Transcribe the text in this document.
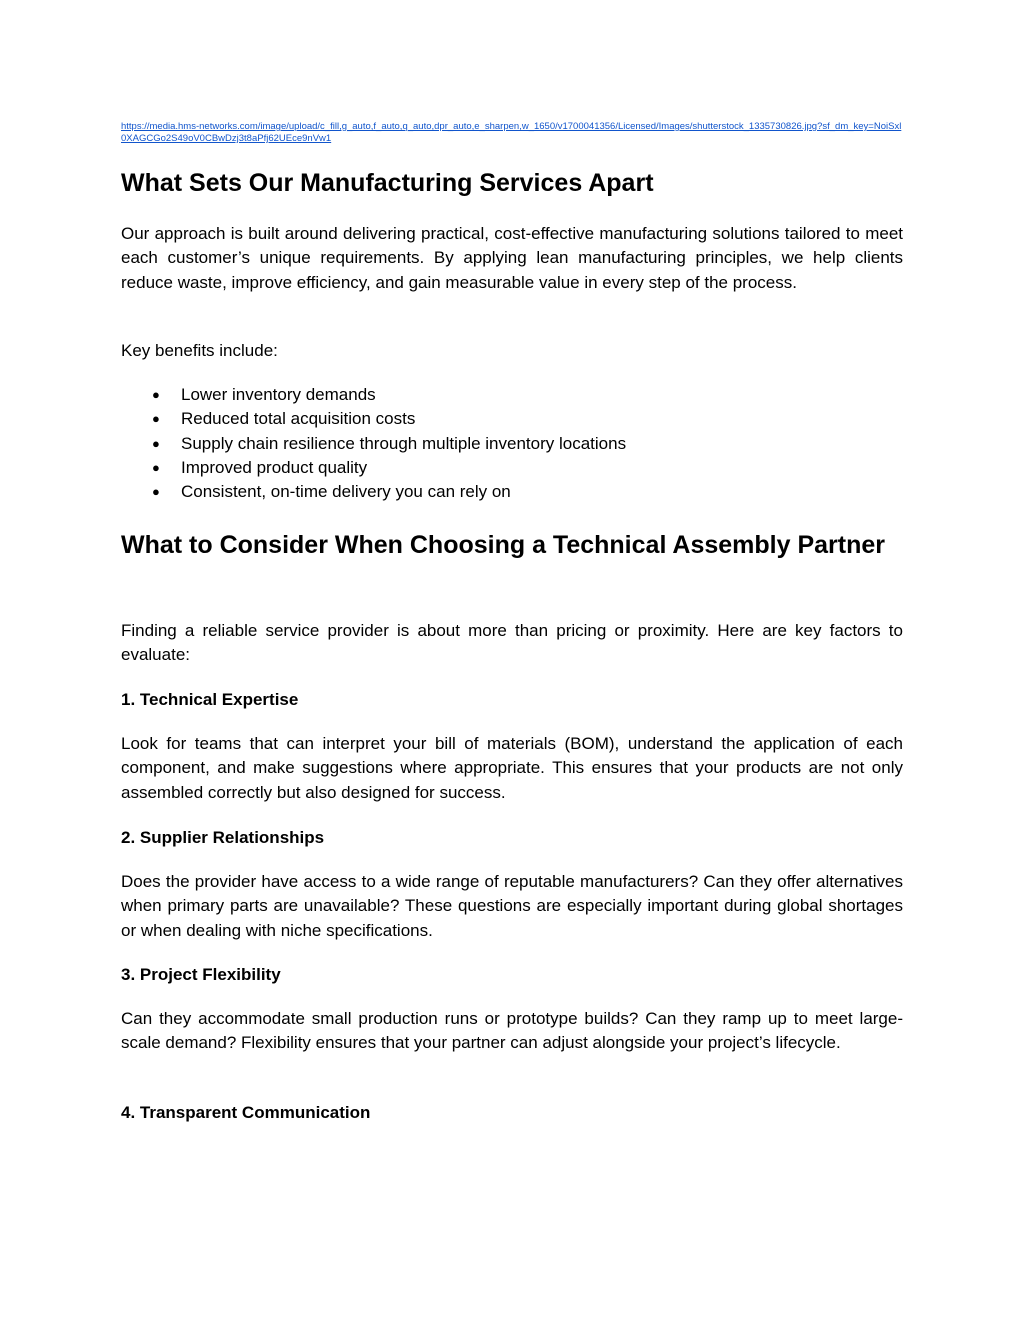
https://media.hms-networks.com/image/upload/c_fill,g_auto,f_auto,q_auto,dpr_auto,e_sharpen,w_1650/v1700041356/Licensed/Images/shutterstock_1335730826.jpg?sf_dm_key=NoiSxl0XAGCGo2S49oV0CBwDzj3t8aPfj62UEce9nVw1
What Sets Our Manufacturing Services Apart

Our approach is built around delivering practical, cost-effective manufacturing solutions tailored to meet each customer’s unique requirements. By applying lean manufacturing principles, we help clients reduce waste, improve efficiency, and gain measurable value in every step of the process.

Key benefits include:

● Lower inventory demands
● Reduced total acquisition costs
● Supply chain resilience through multiple inventory locations
● Improved product quality
● Consistent, on-time delivery you can rely on
What to Consider When Choosing a Technical Assembly Partner

Finding a reliable service provider is about more than pricing or proximity. Here are key factors to evaluate:

1. Technical Expertise

Look for teams that can interpret your bill of materials (BOM), understand the application of each component, and make suggestions where appropriate. This ensures that your products are not only assembled correctly but also designed for success.

2. Supplier Relationships

Does the provider have access to a wide range of reputable manufacturers? Can they offer alternatives when primary parts are unavailable? These questions are especially important during global shortages or when dealing with niche specifications.

3. Project Flexibility

Can they accommodate small production runs or prototype builds? Can they ramp up to meet large-scale demand? Flexibility ensures that your partner can adjust alongside your project’s lifecycle.

4. Transparent Communication
